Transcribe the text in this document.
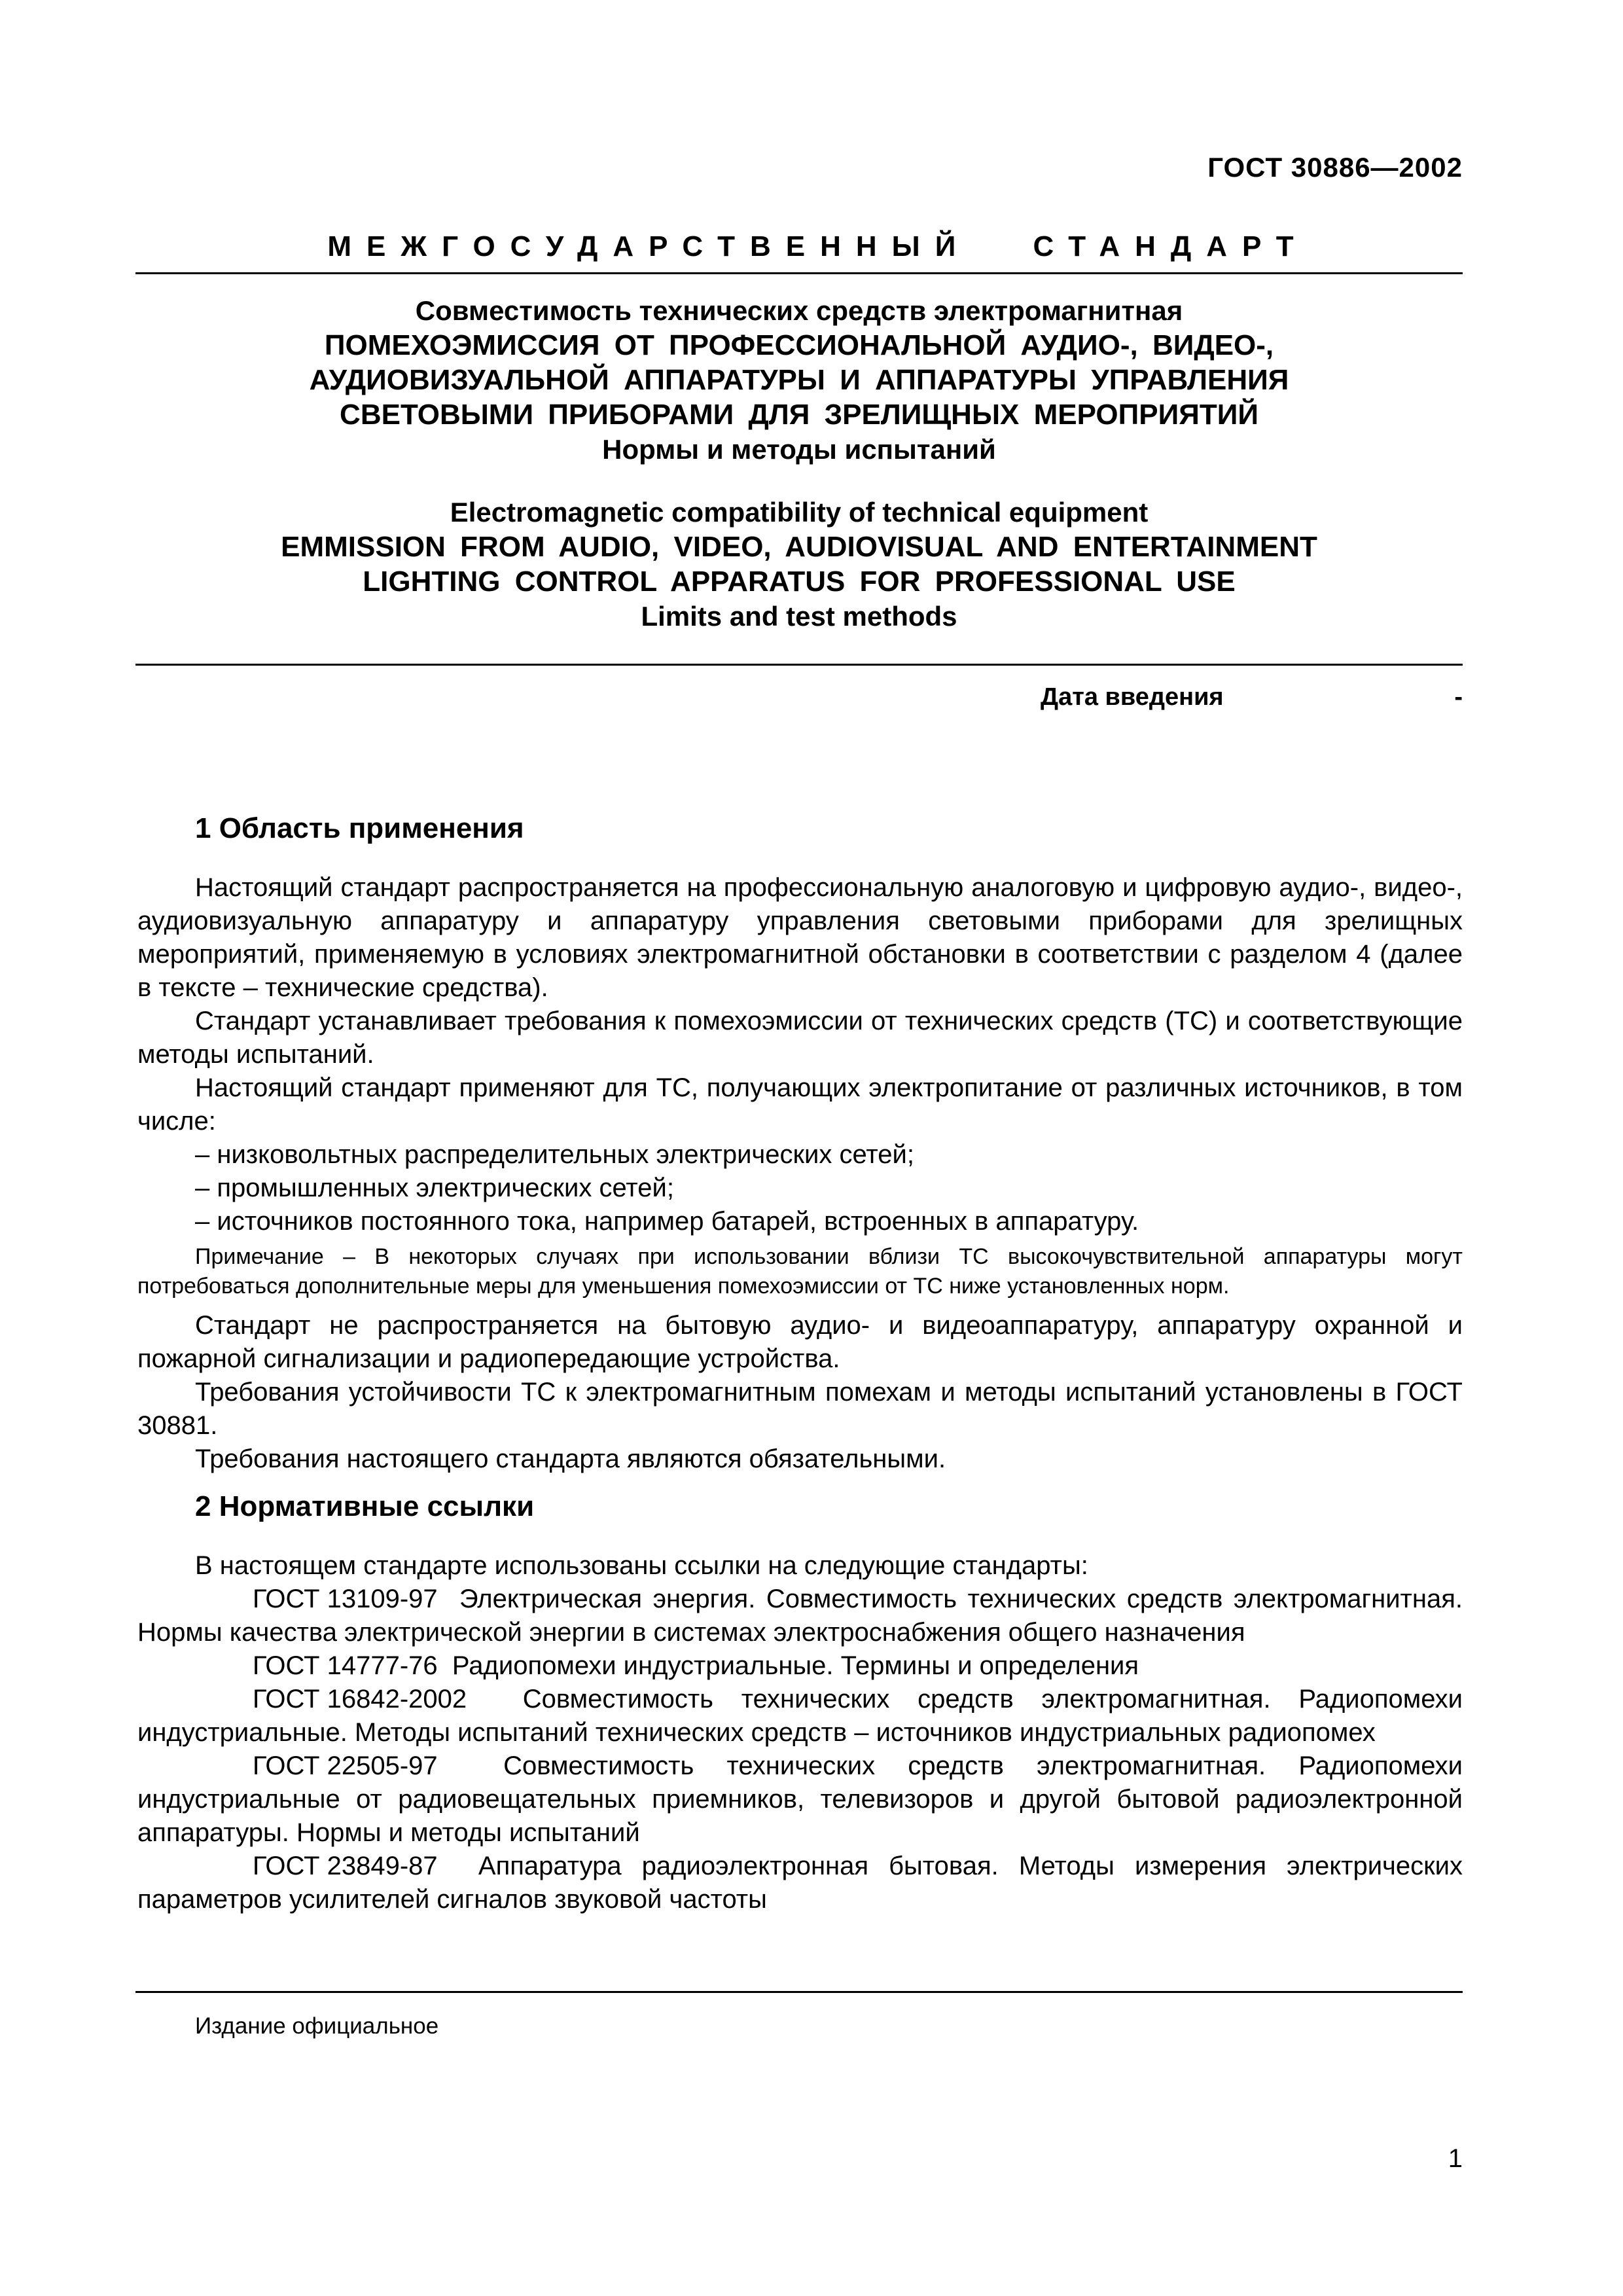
ГОСТ 30886—2002
МЕЖГОСУДАРСТВЕННЫЙ СТАНДАРТ
Совместимость технических средств электромагнитная
ПОМЕХОЭМИССИЯ ОТ ПРОФЕССИОНАЛЬНОЙ АУДИО-, ВИДЕО-,
АУДИОВИЗУАЛЬНОЙ АППАРАТУРЫ И АППАРАТУРЫ УПРАВЛЕНИЯ
СВЕТОВЫМИ ПРИБОРАМИ ДЛЯ ЗРЕЛИЩНЫХ МЕРОПРИЯТИЙ
Нормы и методы испытаний
Electromagnetic compatibility of technical equipment
EMMISSION FROM AUDIO, VIDEO, AUDIOVISUAL AND ENTERTAINMENT
LIGHTING CONTROL APPARATUS FOR PROFESSIONAL USE
Limits and test methods
Дата введения	-

1 Область применения

Настоящий стандарт распространяется на профессиональную аналоговую и цифровую аудио-, видео-, аудиовизуальную аппаратуру и аппаратуру управления световыми приборами для зрелищных мероприятий, применяемую в условиях электромагнитной обстановки в соответствии с разделом 4 (далее в тексте – технические средства).

Стандарт устанавливает требования к помехоэмиссии от технических средств (ТС) и соответствующие методы испытаний.

Настоящий стандарт применяют для ТС, получающих электропитание от различных источников, в том числе:

– низковольтных распределительных электрических сетей;

– промышленных электрических сетей;

– источников постоянного тока, например батарей, встроенных в аппаратуру.

Примечание – В некоторых случаях при использовании вблизи ТС высокочувствительной аппаратуры могут потребоваться дополнительные меры для уменьшения помехоэмиссии от ТС ниже установленных норм.

Стандарт не распространяется на бытовую аудио- и видеоаппаратуру, аппаратуру охранной и пожарной сигнализации и радиопередающие устройства.

Требования устойчивости ТС к электромагнитным помехам и методы испытаний установлены в ГОСТ 30881.

Требования настоящего стандарта являются обязательными.

2 Нормативные ссылки

В настоящем стандарте использованы ссылки на следующие стандарты:

ГОСТ 13109-97 Электрическая энергия. Совместимость технических средств электромагнитная. Нормы качества электрической энергии в системах электроснабжения общего назначения

ГОСТ 14777-76 Радиопомехи индустриальные. Термины и определения

ГОСТ 16842-2002 Совместимость технических средств электромагнитная. Радиопомехи индустриальные. Методы испытаний технических средств – источников индустриальных радиопомех

ГОСТ 22505-97	Совместимость технических средств электромагнитная. Радиопомехи индустриальные от радиовещательных приемников, телевизоров и другой бытовой радиоэлектронной аппаратуры. Нормы и методы испытаний

ГОСТ 23849-87 Аппаратура радиоэлектронная бытовая. Методы измерения электрических параметров усилителей сигналов звуковой частоты

Издание официальное
1
